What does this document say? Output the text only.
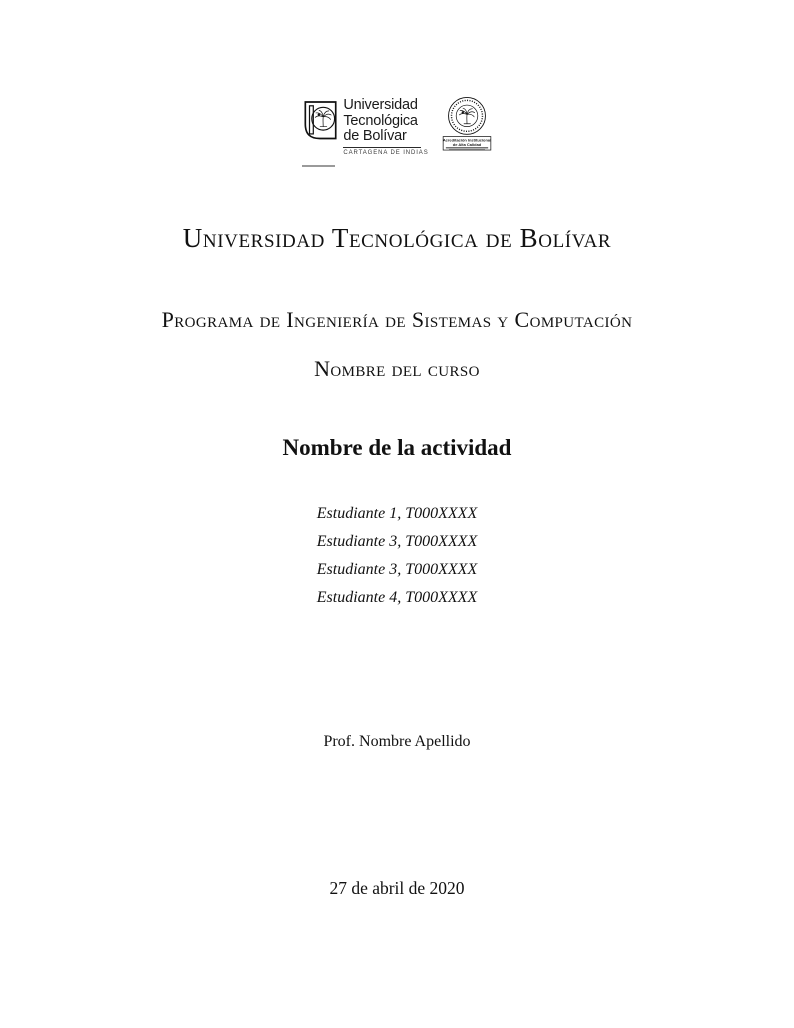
Universidad
Tecnológica
de Bolívar
CARTAGENA DE INDIAS
Acreditación Institucional
de Alta Calidad
Universidad Tecnológica de Bolívar
Programa de Ingeniería de Sistemas y Computación
Nombre del curso
Nombre de la actividad
Estudiante 1, T000XXXX
Estudiante 3, T000XXXX
Estudiante 3, T000XXXX
Estudiante 4, T000XXXX
Prof. Nombre Apellido
27 de abril de 2020
